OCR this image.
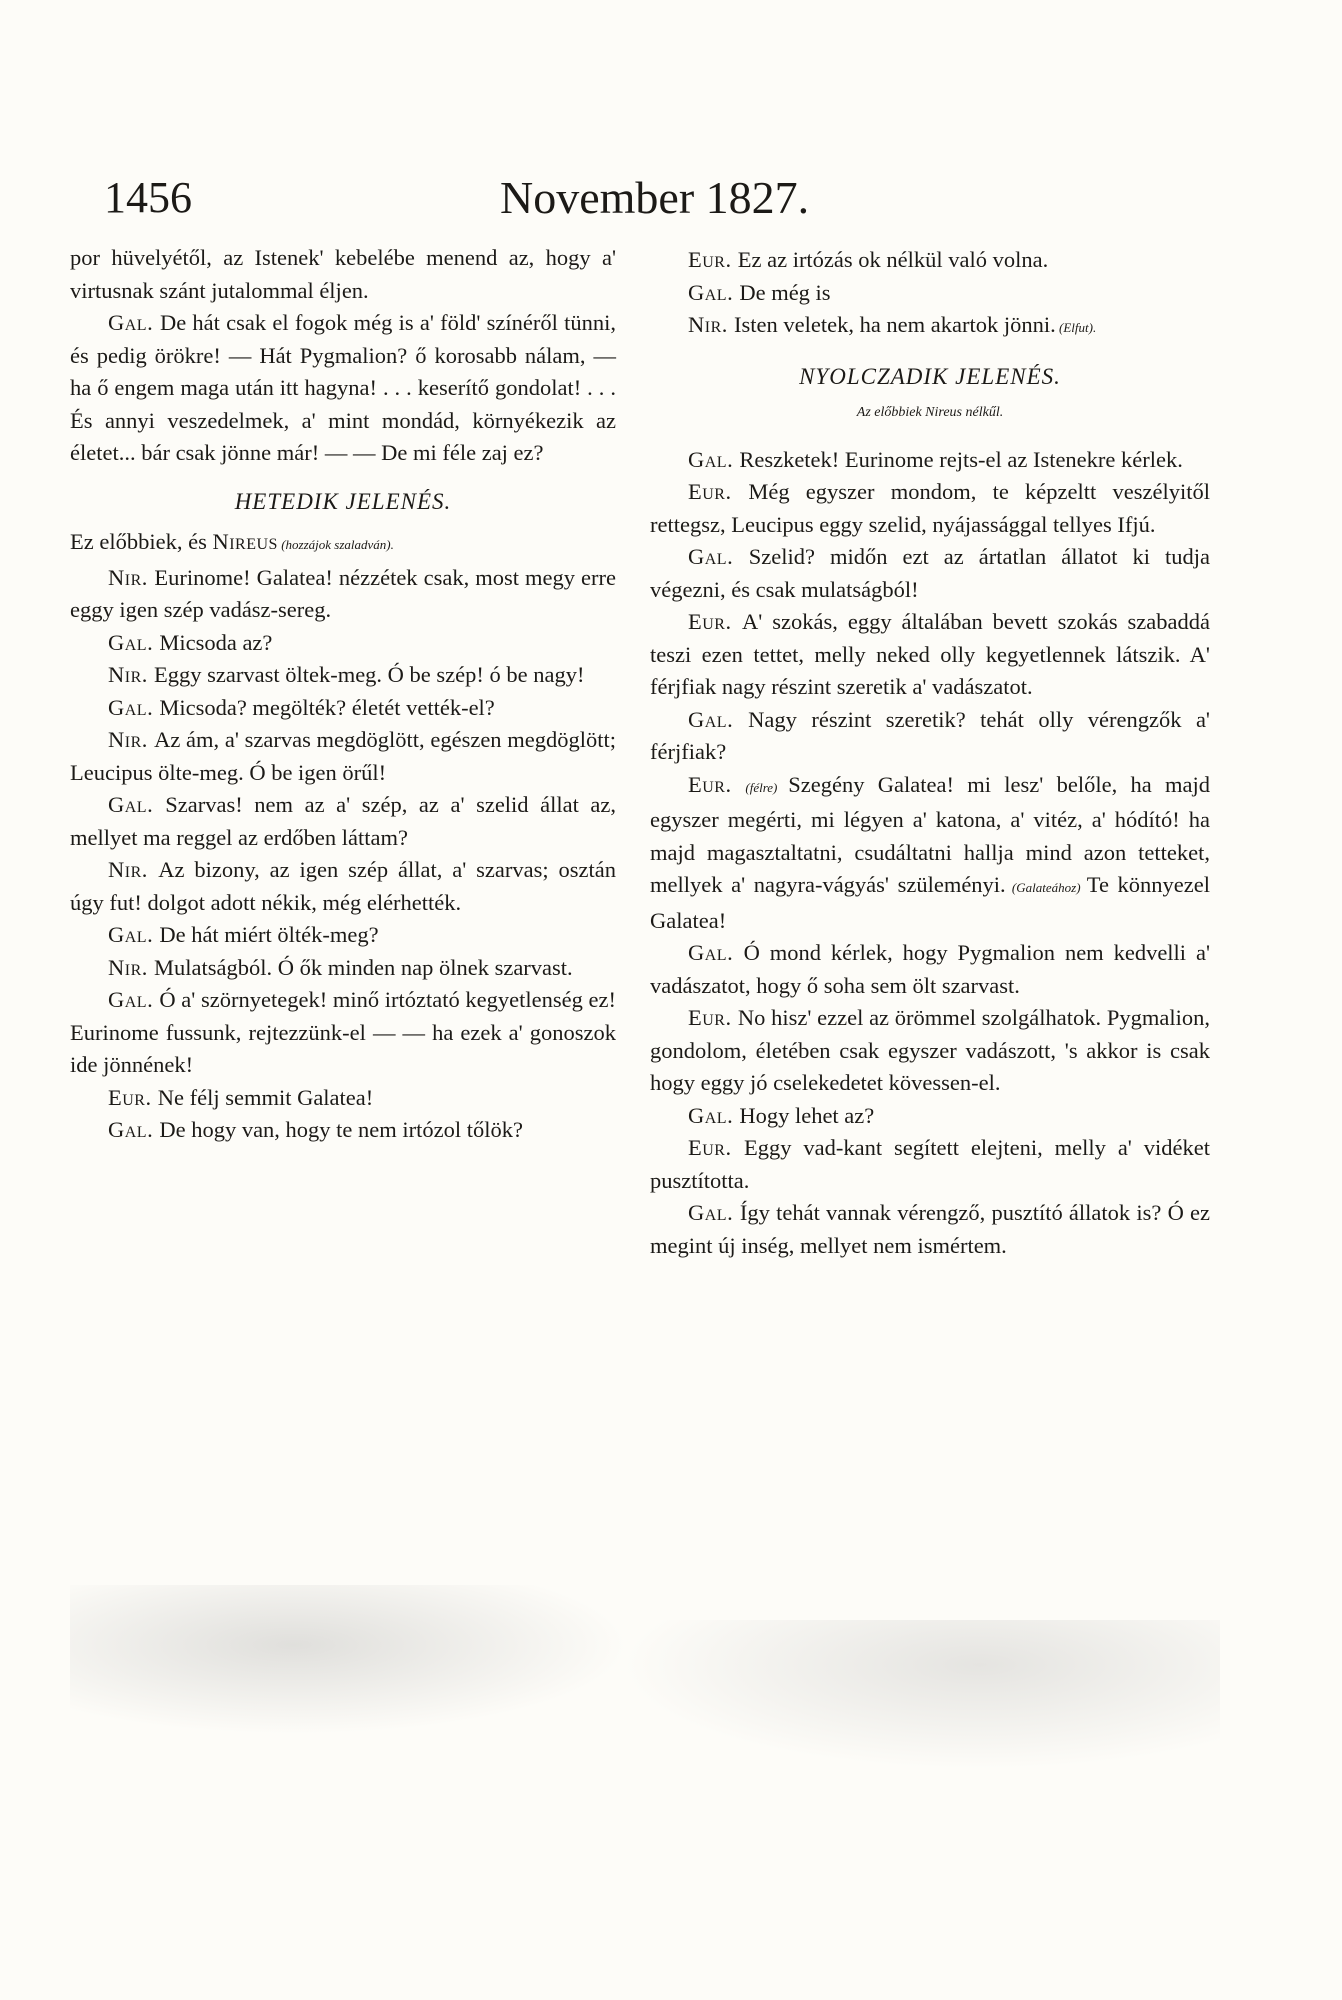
1456	November 1827.

por hüvelyétől, az Istenek' kebelébe menend az, hogy a' virtusnak szánt jutalommal éljen.

Gal. De hát csak el fogok még is a' föld' színéről tünni, és pedig örökre! — Hát Pygmalion? ő korosabb nálam, — ha ő engem maga után itt hagyna! . . . keserítő gondolat! . . . És annyi veszedelmek, a' mint mondád, környékezik az életet... bár csak jönne már! — — De mi féle zaj ez?

HETEDIK JELENÉS.

Ez előbbiek, és Nireus (hozzájok szaladván).

Nir. Eurinome! Galatea! nézzétek csak, most megy erre eggy igen szép vadász-sereg.

Gal. Micsoda az?

Nir. Eggy szarvast öltek-meg. Ó be szép! ó be nagy!

Gal. Micsoda? megölték? életét vették-el?

Nir. Az ám, a' szarvas megdöglött, egészen megdöglött; Leucipus ölte-meg. Ó be igen örűl!

Gal. Szarvas! nem az a' szép, az a' szelid állat az, mellyet ma reggel az erdőben láttam?

Nir. Az bizony, az igen szép állat, a' szarvas; osztán úgy fut! dolgot adott nékik, még elérhették.

Gal. De hát miért ölték-meg?

Nir. Mulatságból. Ó ők minden nap ölnek szarvast.

Gal. Ó a' szörnyetegek! minő irtóztató kegyetlenség ez! Eurinome fussunk, rejtezzünk-el — — ha ezek a' gonoszok ide jönnének!

Eur. Ne félj semmit Galatea!

Gal. De hogy van, hogy te nem irtózol tőlök?

Eur. Ez az irtózás ok nélkül való volna.

Gal. De még is

Nir. Isten veletek, ha nem akartok jönni. (Elfut).

NYOLCZADIK JELENÉS.

Az előbbiek Nireus nélkűl.

Gal. Reszketek! Eurinome rejts-el az Istenekre kérlek.

Eur. Még egyszer mondom, te képzeltt veszélyitől rettegsz, Leucipus eggy szelid, nyájassággal tellyes Ifjú.

Gal. Szelid? midőn ezt az ártatlan állatot ki tudja végezni, és csak mulatságból!

Eur. A' szokás, eggy általában bevett szokás szabaddá teszi ezen tettet, melly neked olly kegyetlennek látszik. A' férjfiak nagy részint szeretik a' vadászatot.

Gal. Nagy részint szeretik? tehát olly vérengzők a' férjfiak?

Eur. (félre) Szegény Galatea! mi lesz' belőle, ha majd egyszer megérti, mi légyen a' katona, a' vitéz, a' hódító! ha majd magasztaltatni, csudáltatni hallja mind azon tetteket, mellyek a' nagyra-vágyás' szüleményi. (Galateához) Te könnyezel Galatea!

Gal. Ó mond kérlek, hogy Pygmalion nem kedvelli a' vadászatot, hogy ő soha sem ölt szarvast.

Eur. No hisz' ezzel az örömmel szolgálhatok. Pygmalion, gondolom, életében csak egyszer vadászott, 's akkor is csak hogy eggy jó cselekedetet kövessen-el.

Gal. Hogy lehet az?

Eur. Eggy vad-kant segített elejteni, melly a' vidéket pusztította.

Gal. Így tehát vannak vérengző, pusztító állatok is? Ó ez megint új inség, mellyet nem ismértem.
